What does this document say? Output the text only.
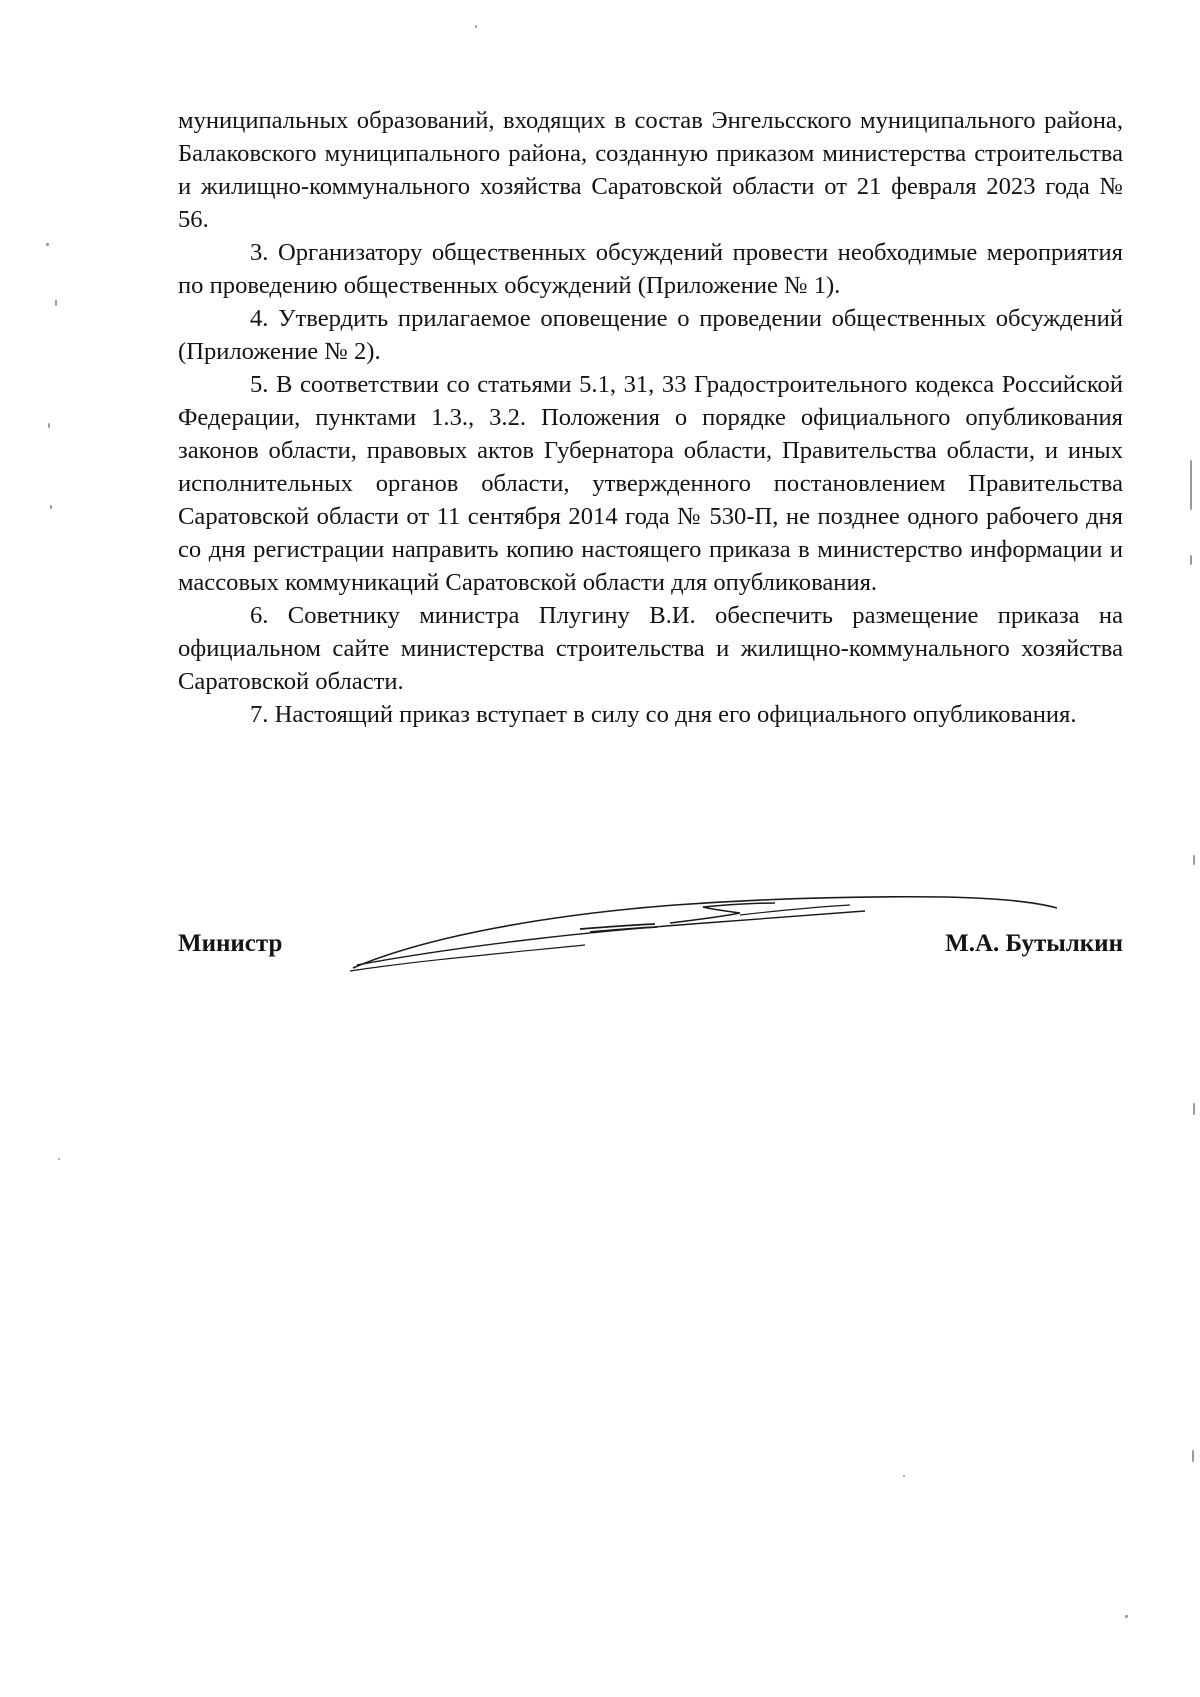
муниципальных образований, входящих в состав Энгельсского муниципального района, Балаковского муниципального района, созданную приказом министерства строительства и жилищно-коммунального хозяйства Саратовской области от 21 февраля 2023 года № 56.

3. Организатору общественных обсуждений провести необходимые мероприятия по проведению общественных обсуждений (Приложение № 1).

4. Утвердить прилагаемое оповещение о проведении общественных обсуждений (Приложение № 2).

5. В соответствии со статьями 5.1, 31, 33 Градостроительного кодекса Российской Федерации, пунктами 1.3., 3.2. Положения о порядке официального опубликования законов области, правовых актов Губернатора области, Правительства области, и иных исполнительных органов области, утвержденного постановлением Правительства Саратовской области от 11 сентября 2014 года № 530-П, не позднее одного рабочего дня со дня регистрации направить копию настоящего приказа в министерство информации и массовых коммуникаций Саратовской области для опубликования.

6. Советнику министра Плугину В.И. обеспечить размещение приказа на официальном сайте министерства строительства и жилищно-коммунального хозяйства Саратовской области.

7. Настоящий приказ вступает в силу со дня его официального опубликования.

Министр	М.А. Бутылкин
